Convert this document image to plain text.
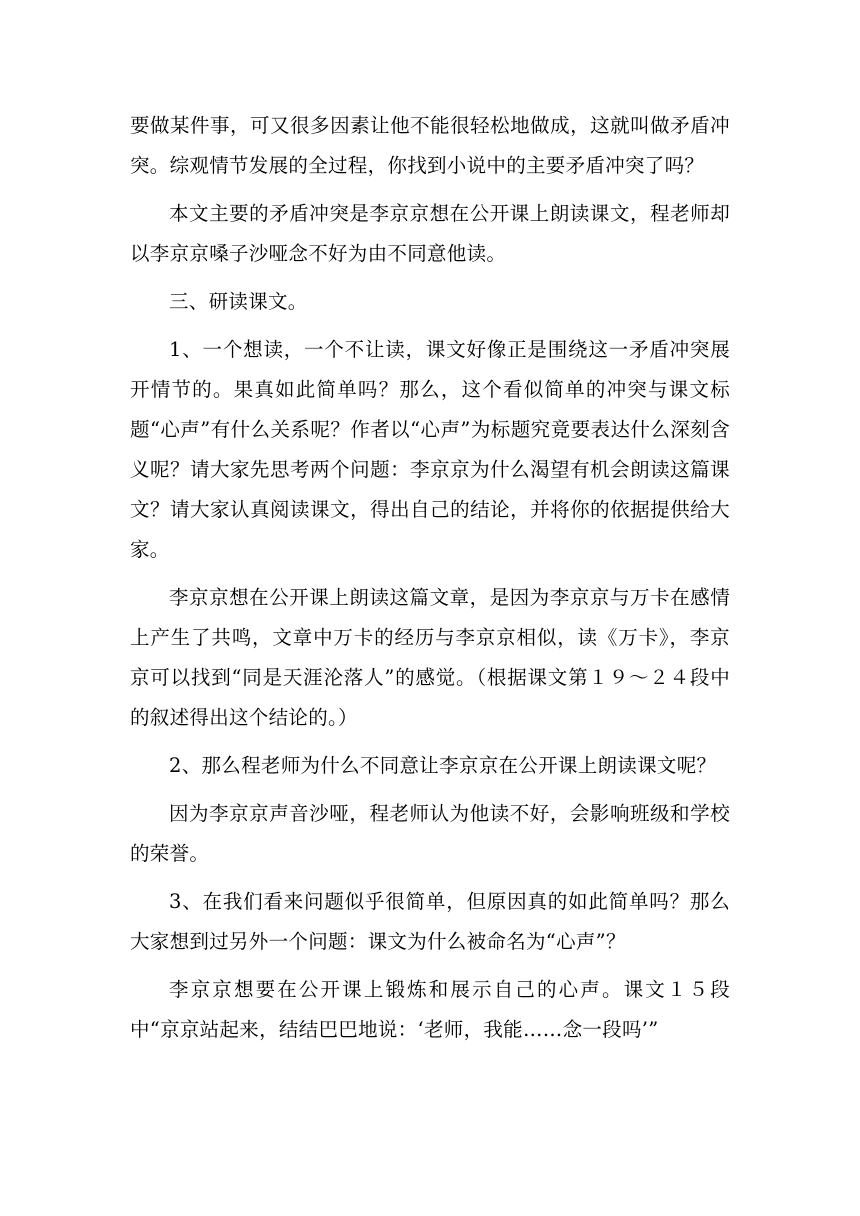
要做某件事，可又很多因素让他不能很轻松地做成，这就叫做矛盾冲突。综观情节发展的全过程，你找到小说中的主要矛盾冲突了吗？

本文主要的矛盾冲突是李京京想在公开课上朗读课文，程老师却以李京京嗓子沙哑念不好为由不同意他读。

三、研读课文。

1、一个想读，一个不让读，课文好像正是围绕这一矛盾冲突展开情节的。果真如此简单吗？那么，这个看似简单的冲突与课文标题“心声”有什么关系呢？作者以“心声”为标题究竟要表达什么深刻含义呢？请大家先思考两个问题：李京京为什么渴望有机会朗读这篇课文？请大家认真阅读课文，得出自己的结论，并将你的依据提供给大家。

李京京想在公开课上朗读这篇文章，是因为李京京与万卡在感情上产生了共鸣，文章中万卡的经历与李京京相似，读《万卡》，李京京可以找到“同是天涯沦落人”的感觉。（根据课文第１９～２４段中的叙述得出这个结论的。）

2、那么程老师为什么不同意让李京京在公开课上朗读课文呢？

因为李京京声音沙哑，程老师认为他读不好，会影响班级和学校的荣誉。

3、在我们看来问题似乎很简单，但原因真的如此简单吗？那么大家想到过另外一个问题：课文为什么被命名为“心声”？

李京京想要在公开课上锻炼和展示自己的心声。课文１５段中“京京站起来，结结巴巴地说：‘老师，我能……念一段吗’”
